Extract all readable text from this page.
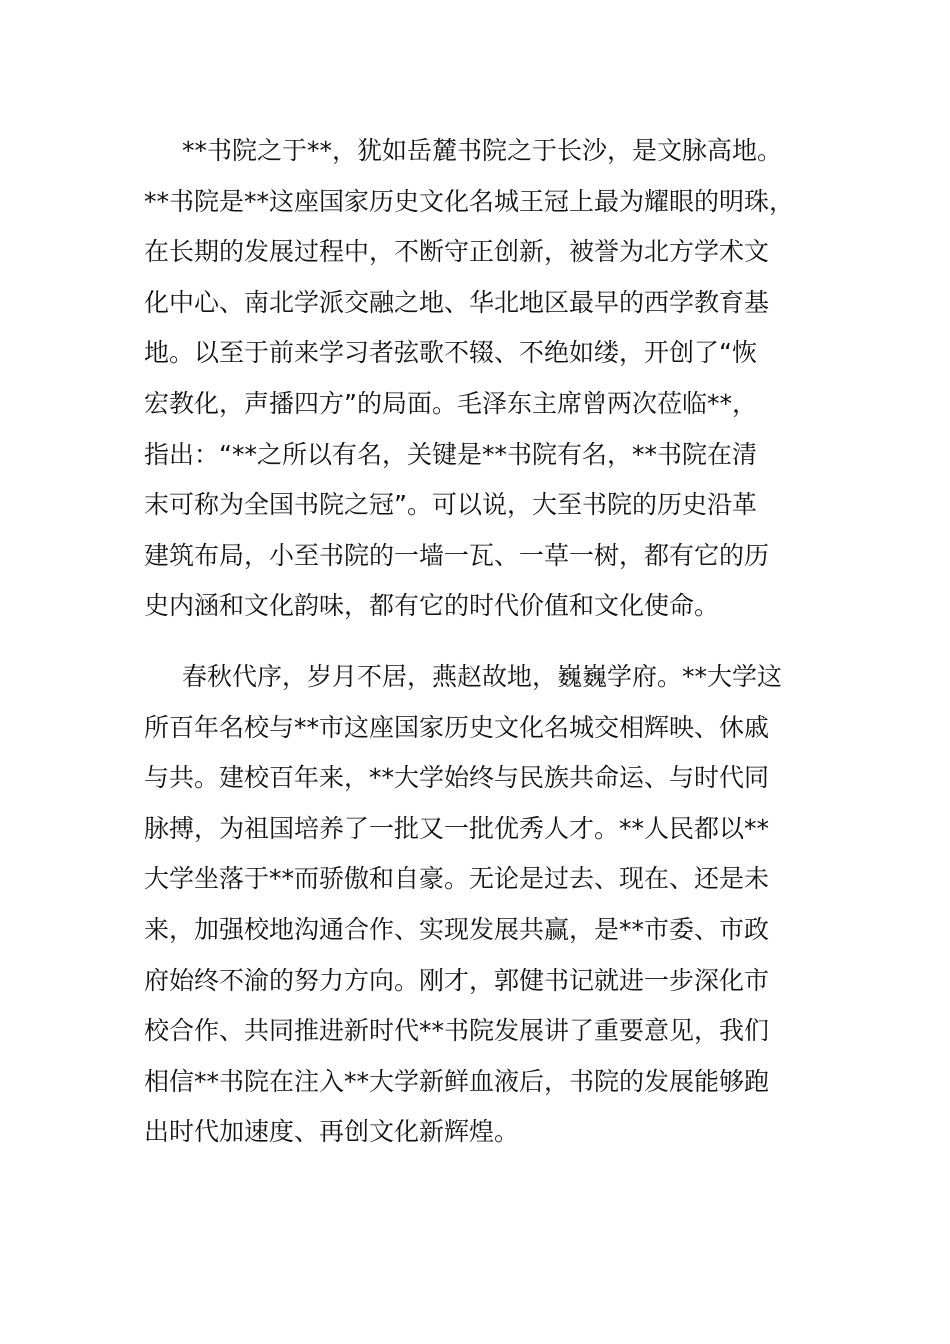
**书院之于**，犹如岳麓书院之于长沙，是文脉高地。
**书院是**这座国家历史文化名城王冠上最为耀眼的明珠，
在长期的发展过程中，不断守正创新，被誉为北方学术文
化中心、南北学派交融之地、华北地区最早的西学教育基
地。以至于前来学习者弦歌不辍、不绝如缕，开创了“恢
宏教化，声播四方”的局面。毛泽东主席曾两次莅临**，
指出：“**之所以有名，关键是**书院有名，**书院在清
末可称为全国书院之冠”。可以说，大至书院的历史沿革
建筑布局，小至书院的一墙一瓦、一草一树，都有它的历
史内涵和文化韵味，都有它的时代价值和文化使命。

春秋代序，岁月不居，燕赵故地，巍巍学府。**大学这
所百年名校与**市这座国家历史文化名城交相辉映、休戚
与共。建校百年来，**大学始终与民族共命运、与时代同
脉搏，为祖国培养了一批又一批优秀人才。**人民都以**
大学坐落于**而骄傲和自豪。无论是过去、现在、还是未
来，加强校地沟通合作、实现发展共赢，是**市委、市政
府始终不渝的努力方向。刚才，郭健书记就进一步深化市
校合作、共同推进新时代**书院发展讲了重要意见，我们
相信**书院在注入**大学新鲜血液后，书院的发展能够跑
出时代加速度、再创文化新辉煌。
